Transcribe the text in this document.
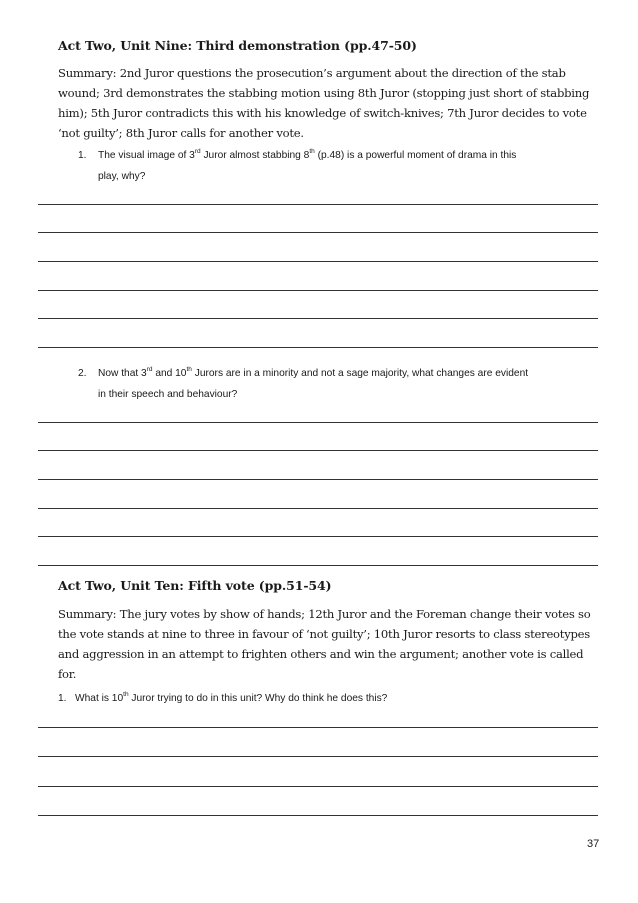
Act Two, Unit Nine: Third demonstration (pp.47-50)
Summary: 2nd Juror questions the prosecution’s argument about the direction of the stab
wound; 3rd demonstrates the stabbing motion using 8th Juror (stopping just short of stabbing
him); 5th Juror contradicts this with his knowledge of switch-knives; 7th Juror decides to vote
‘not guilty’; 8th Juror calls for another vote.
1. The visual image of 3rd Juror almost stabbing 8th (p.48) is a powerful moment of drama in this
play, why?
2. Now that 3rd and 10th Jurors are in a minority and not a sage majority, what changes are evident
in their speech and behaviour?
Act Two, Unit Ten: Fifth vote (pp.51-54)
Summary: The jury votes by show of hands; 12th Juror and the Foreman change their votes so
the vote stands at nine to three in favour of ‘not guilty’; 10th Juror resorts to class stereotypes
and aggression in an attempt to frighten others and win the argument; another vote is called
for.
1. What is 10th Juror trying to do in this unit? Why do think he does this?
37
